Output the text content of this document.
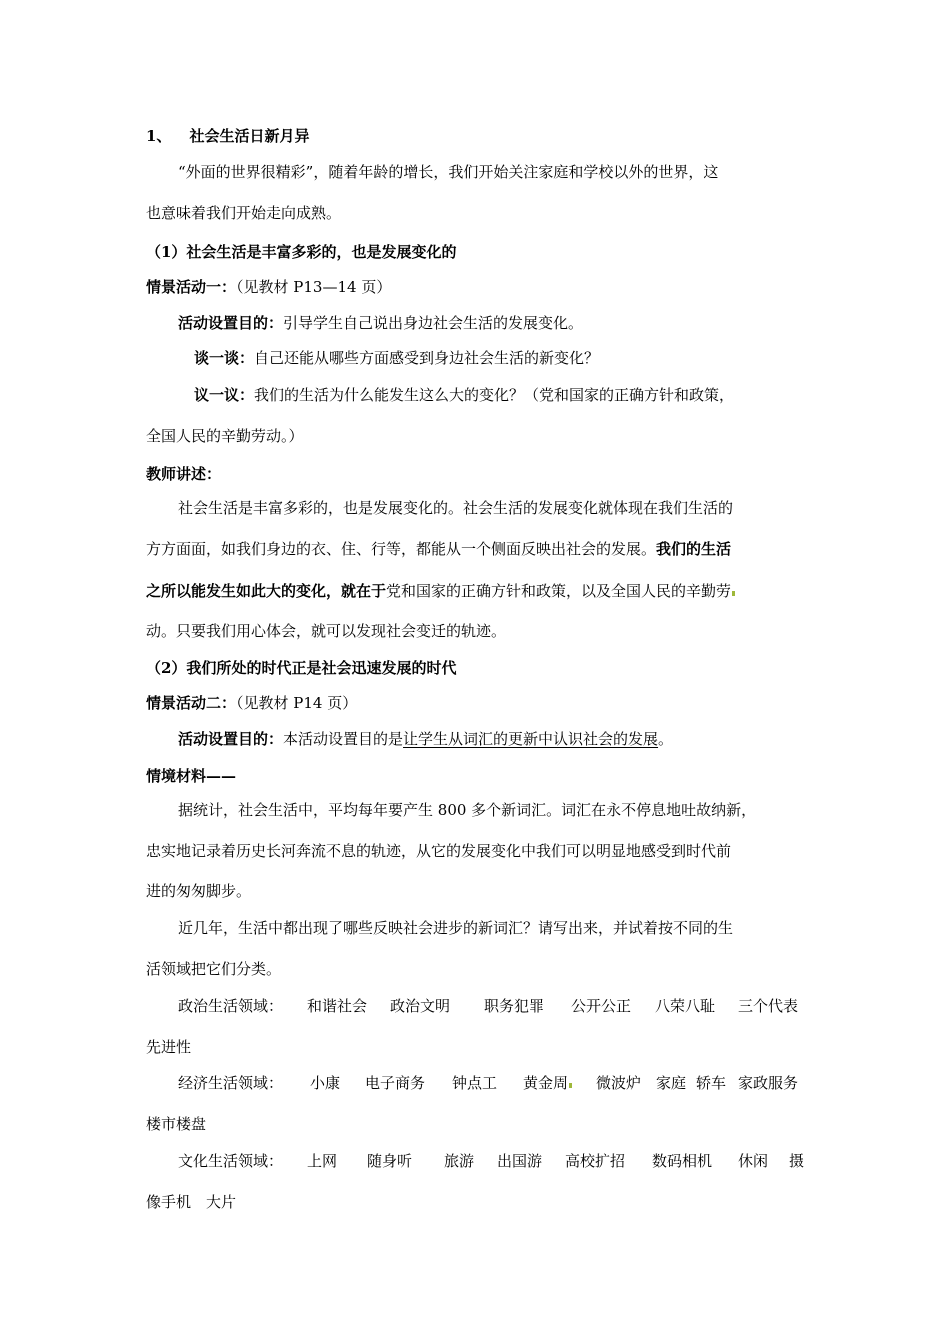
1、 社会生活日新月异
“外面的世界很精彩”，随着年龄的增长，我们开始关注家庭和学校以外的世界，这
也意味着我们开始走向成熟。
（1）社会生活是丰富多彩的，也是发展变化的
情景活动一：（见教材 P13—14 页）
活动设置目的：引导学生自己说出身边社会生活的发展变化。
谈一谈：自己还能从哪些方面感受到身边社会生活的新变化？
议一议：我们的生活为什么能发生这么大的变化？（党和国家的正确方针和政策，
全国人民的辛勤劳动。）
教师讲述：
社会生活是丰富多彩的，也是发展变化的。社会生活的发展变化就体现在我们生活的
方方面面，如我们身边的衣、住、行等，都能从一个侧面反映出社会的发展。我们的生活
之所以能发生如此大的变化，就在于党和国家的正确方针和政策，以及全国人民的辛勤劳
动。只要我们用心体会，就可以发现社会变迁的轨迹。
（2）我们所处的时代正是社会迅速发展的时代
情景活动二：（见教材 P14 页）
活动设置目的：本活动设置目的是让学生从词汇的更新中认识社会的发展。
情境材料——
据统计，社会生活中，平均每年要产生 800 多个新词汇。词汇在永不停息地吐故纳新，
忠实地记录着历史长河奔流不息的轨迹，从它的发展变化中我们可以明显地感受到时代前
进的匆匆脚步。
近几年，生活中都出现了哪些反映社会进步的新词汇？请写出来，并试着按不同的生
活领域把它们分类。
政治生活领域： 和谐社会 政治文明 职务犯罪 公开公正 八荣八耻 三个代表
先进性
经济生活领域： 小康 电子商务 钟点工 黄金周 微波炉 家庭 轿车 家政服务
楼市楼盘
文化生活领域： 上网 随身听 旅游 出国游 高校扩招 数码相机 休闲 摄
像手机　大片
